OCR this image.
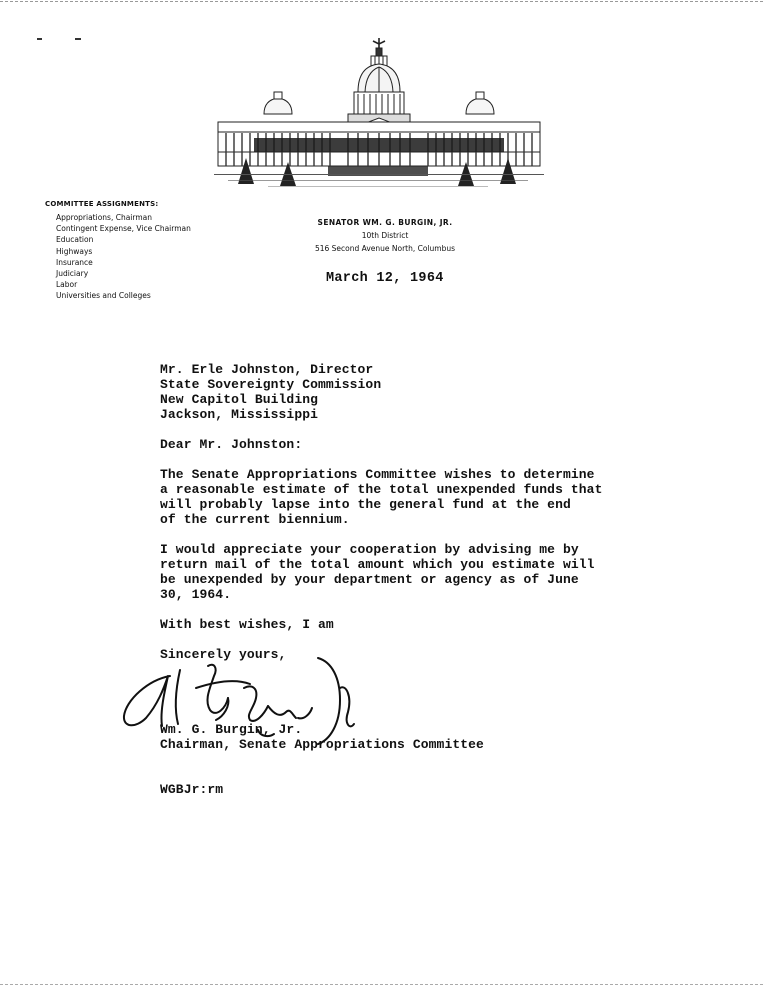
COMMITTEE ASSIGNMENTS:
Appropriations, Chairman
Contingent Expense, Vice Chairman
Education
Highways
Insurance
Judiciary
Labor
Universities and Colleges
SENATOR WM. G. BURGIN, JR.
10th District
516 Second Avenue North, Columbus
March 12, 1964
Mr. Erle Johnston, Director
State Sovereignty Commission
New Capitol Building
Jackson, Mississippi
Dear Mr. Johnston:
The Senate Appropriations Committee wishes to determine
a reasonable estimate of the total unexpended funds that
will probably lapse into the general fund at the end
of the current biennium.
I would appreciate your cooperation by advising me by
return mail of the total amount which you estimate will
be unexpended by your department or agency as of June
30, 1964.
With best wishes, I am
Sincerely yours,
Wm. G. Burgin, Jr.
Chairman, Senate Appropriations Committee
WGBJr:rm
